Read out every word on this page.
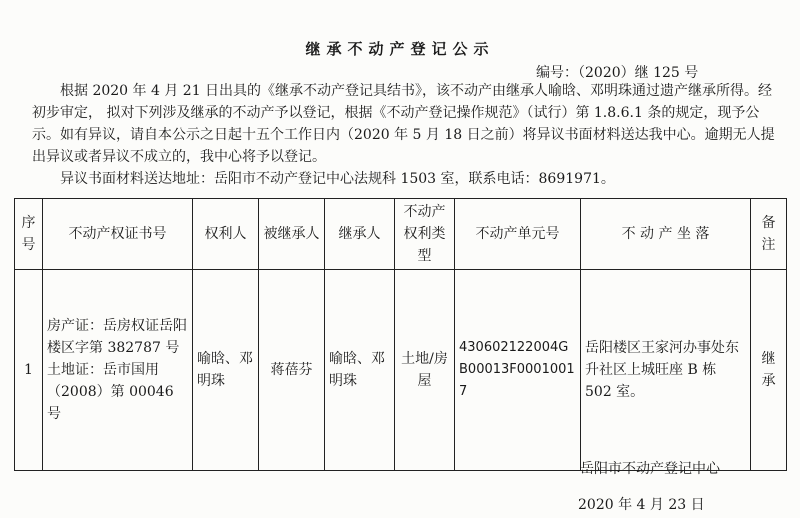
继承不动产登记公示
编号：（2020）继 125 号

根据 2020 年 4 月 21 日出具的《继承不动产登记具结书》，该不动产由继承人喻晗、邓明珠通过遗产继承所得。经初步审定， 拟对下列涉及继承的不动产予以登记，根据《不动产登记操作规范》（试行）第 1.8.6.1 条的规定，现予公示。如有异议，请自本公示之日起十五个工作日内（2020 年 5 月 18 日之前）将异议书面材料送达我中心。逾期无人提出异议或者异议不成立的，我中心将予以登记。

异议书面材料送达地址：岳阳市不动产登记中心法规科 1503 室，联系电话：8691971。

序号	不动产权证书号	权利人	被继承人	继承人	不动产权利类型	不动产单元号	不 动 产 坐 落	备注
1	房产证：岳房权证岳阳楼区字第 382787 号
土地证：岳市国用（2008）第 00046 号	喻晗、邓明珠	蒋蓓芬	喻晗、邓明珠	土地/房屋	430602122004GB00013F00010017	岳阳楼区王家河办事处东升社区上城旺座 B 栋 502 室。	继承
岳阳市不动产登记中心
2020 年 4 月 23 日
